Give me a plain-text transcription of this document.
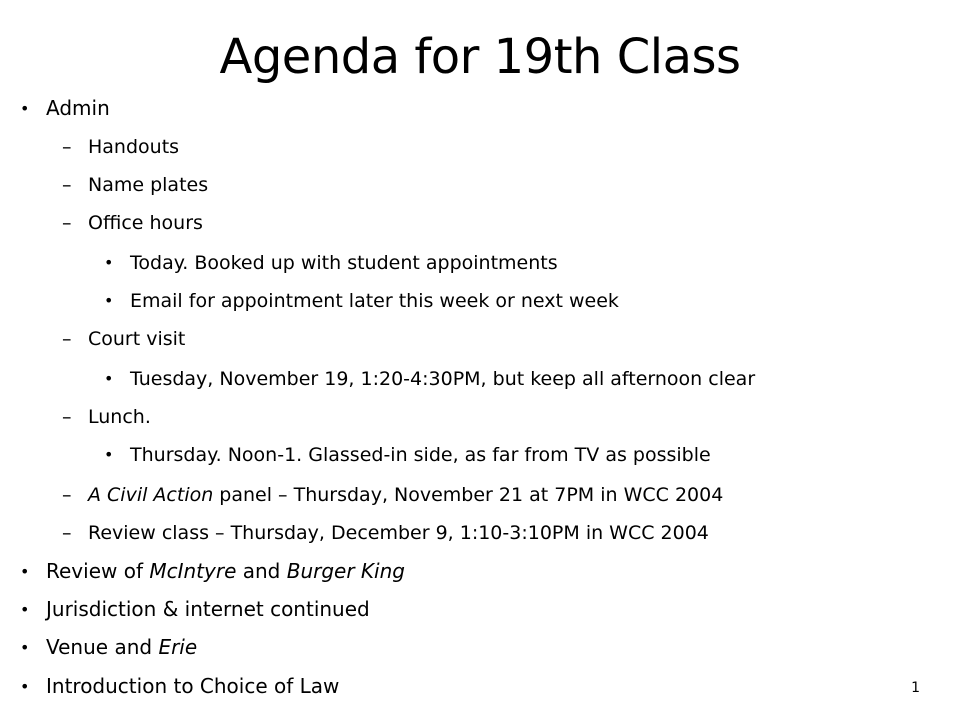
Agenda for 19th Class
• Admin
– Handouts
– Name plates
– Office hours
• Today. Booked up with student appointments
• Email for appointment later this week or next week
– Court visit
• Tuesday, November 19, 1:20-4:30PM, but keep all afternoon clear
– Lunch.
• Thursday. Noon-1. Glassed-in side, as far from TV as possible
– A Civil Action panel – Thursday, November 21 at 7PM in WCC 2004
– Review class – Thursday, December 9, 1:10-3:10PM in WCC 2004
• Review of McIntyre and Burger King
• Jurisdiction & internet continued
• Venue and Erie
• Introduction to Choice of Law	1
